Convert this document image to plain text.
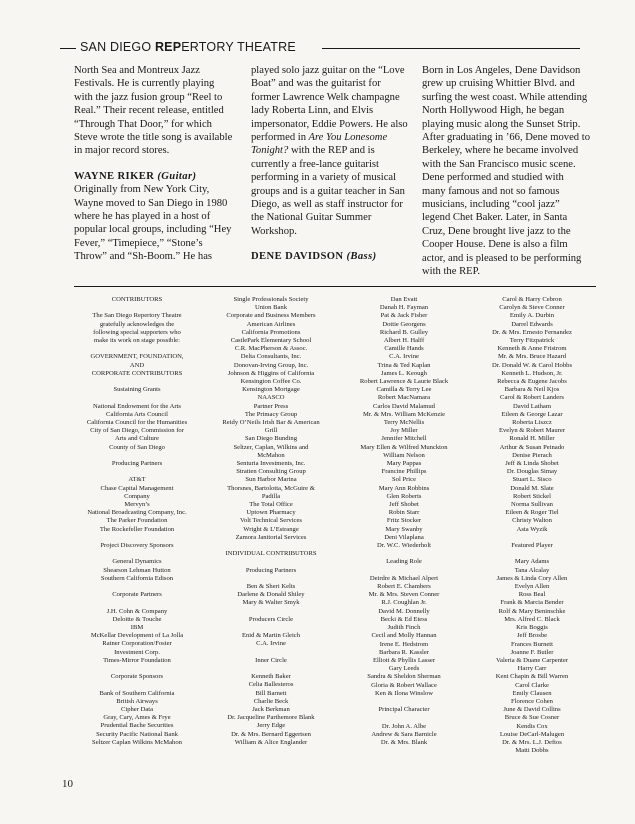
SAN DIEGO REPERTORY THEATRE

North Sea and Montreux Jazz Festivals. He is currently playing with the jazz fusion group “Reel to Real.” Their recent release, entitled “Through That Door,” for which Steve wrote the title song is available in major record stores.

WAYNE RIKER (Guitar)

Originally from New York City, Wayne moved to San Diego in 1980 where he has played in a host of popular local groups, including “Hey Fever,” “Timepiece,” “Stone’s Throw” and “Sh-Boom.” He has

played solo jazz guitar on the “Love Boat” and was the guitarist for former Lawrence Welk champagne lady Roberta Linn, and Elvis impersonator, Eddie Powers. He also performed in Are You Lonesome Tonight? with the REP and is currently a free-lance guitarist performing in a variety of musical groups and is a guitar teacher in San Diego, as well as staff instructor for the National Guitar Summer Workshop.

DENE DAVIDSON (Bass)

Born in Los Angeles, Dene Davidson grew up cruising Whittier Blvd. and surfing the west coast. While attending North Hollywood High, he began playing music along the Sunset Strip. After graduating in ’66, Dene moved to Berkeley, where he became involved with the San Francisco music scene. Dene performed and studied with many famous and not so famous musicians, including “cool jazz” legend Chet Baker. Later, in Santa Cruz, Dene brought live jazz to the Cooper House. Dene is also a film actor, and is pleased to be performing with the REP.

CONTRIBUTORS
The San Diego Repertory Theatre
gratefully acknowledges the
following special supporters who
make its work on stage possible:
GOVERNMENT, FOUNDATION,
AND
CORPORATE CONTRIBUTORS
Sustaining Grants
National Endowment for the Arts
California Arts Council
California Council for the Humanities
City of San Diego, Commission for
Arts and Culture
County of San Diego
Producing Partners
AT&T
Chase Capital Management
Company
Mervyn’s
National Broadcasting Company, Inc.
The Parker Foundation
The Rockefeller Foundation
Project Discovery Sponsors
General Dynamics
Shearson Lehman Hutton
Southern California Edison
Corporate Partners
J.H. Cohn & Company
Deloitte & Touche
IBM
McKellar Development of La Jolla
Ratner Corporation/Foster
Investment Corp.
Times-Mirror Foundation
Corporate Sponsors
Bank of Southern California
British Airways
Cipher Data
Gray, Cary, Ames & Frye
Prudential Bache Securities
Security Pacific National Bank
Seltzer Caplan Wilkins McMahon
Single Professionals Society
Union Bank
Corporate and Business Members
American Airlines
California Promotions
CastlePark Elementary School
C.R. MacPherson & Assoc.
Delta Consultants, Inc.
Donovan-Irving Group, Inc.
Johnson & Higgins of California
Kensington Coffee Co.
Kensington Mortgage
NAASCO
Partner Press
The Primacy Group
Reidy O’Neils Irish Bar & American
Grill
San Diego Bunding
Seltzer, Caplan, Wilkins and
McMahon
Senturia Investments, Inc.
Stratten Consulting Group
Sun Harbor Marina
Thorsnes, Bartolotta, McGuire &
Padilla
The Total Office
Uptown Pharmacy
Volt Technical Services
Wright & L’Estrange
Zamora Janitorial Services
INDIVIDUAL CONTRIBUTORS
Producing Partners
Ben & Sheri Kelts
Darlene & Donald Shiley
Mary & Walter Smyk
Producers Circle
Enid & Martin Gleich
C.A. Irvine
Inner Circle
Kenneth Baker
Celia Ballesteros
Bill Barnett
Charlie Beck
Jack Berkman
Dr. Jacqueline Parthemore Blank
Jerry Edge
Dr. & Mrs. Bernard Eggertsen
William & Alice Englander
Dan Evatt
Danah H. Fayman
Pat & Jack Fisher
Dottie Georgens
Richard B. Gulley
Albert H. Halff
Camille Hands
C.A. Irvine
Trina & Ted Kaplan
James L. Keough
Robert Lawrence & Laurie Black
Camilla & Terry Lee
Robert MacNamara
Carlos David Malamud
Mr. & Mrs. William McKenzie
Terry McNellis
Joy Miller
Jennifer Mitchell
Mary Ellen & Wilfred Munckton
William Nelson
Mary Pappas
Francine Phillips
Sol Price
Mary Ann Robbins
Glen Roberts
Jeff Shobet
Robin Starr
Fritz Stocker
Mary Swanby
Deni Vilaplana
Dr. W.C. Wiederholt
Leading Role
Deirdre & Michael Alpert
Robert E. Chambers
Mr. & Mrs. Steven Conner
R.J. Coughlan Jr.
David M. Donnelly
Becki & Ed Etess
Judith Finch
Cecil and Molly Hannan
Irene E. Hedstrom
Barbara R. Kassler
Elliott & Phyllis Lasser
Gary Leeds
Sandra & Sheldon Sherman
Gloria & Robert Wallace
Ken & Ilona Winslow
Principal Character
Dr. John A. Albe
Andrew & Sara Barnicle
Dr. & Mrs. Blank
Carol & Harry Cebron
Carolyn & Steve Conner
Emily A. Durbin
Darrel Edwards
Dr. & Mrs. Ernesto Fernandez
Terry Fitzpatrick
Kenneth & Anne Fristrom
Mr. & Mrs. Bruce Hazard
Dr. Donald W. & Carol Hobbs
Kenneth L. Hudson, Jr.
Rebecca & Eugene Jacobs
Barbara & Neil Kjos
Carol & Robert Landers
David Latham
Eileen & George Lazar
Roberta Liszcz
Evelyn & Robert Maurer
Ronald H. Miller
Arthur & Susan Peinado
Denise Pierach
Jeff & Linda Shobet
Dr. Douglas Simay
Stuart L. Sisco
Donald M. Slate
Robert Stickel
Norma Sullivan
Eileen & Roger Tiel
Christy Walton
Asta Wyzik
Featured Player
Mary Adams
Tana Alcalay
James & Linda Cory Allen
Evelyn Allen
Ross Beal
Frank & Marcia Bender
Rolf & Mary Beninschke
Mrs. Alfred C. Black
Kris Boggis
Jeff Brosbe
Frances Burnett
Joanne F. Butler
Valeria & Duane Carpenter
Harry Carr
Kent Chapin & Bill Warren
Carol Clarke
Emily Clausen
Florence Cohen
June & David Collins
Bruce & Sue Cosner
Kendis Cox
Louise DeCarl-Malugen
Dr. & Mrs. L.J. Deftos
Matti Dobbs
10
